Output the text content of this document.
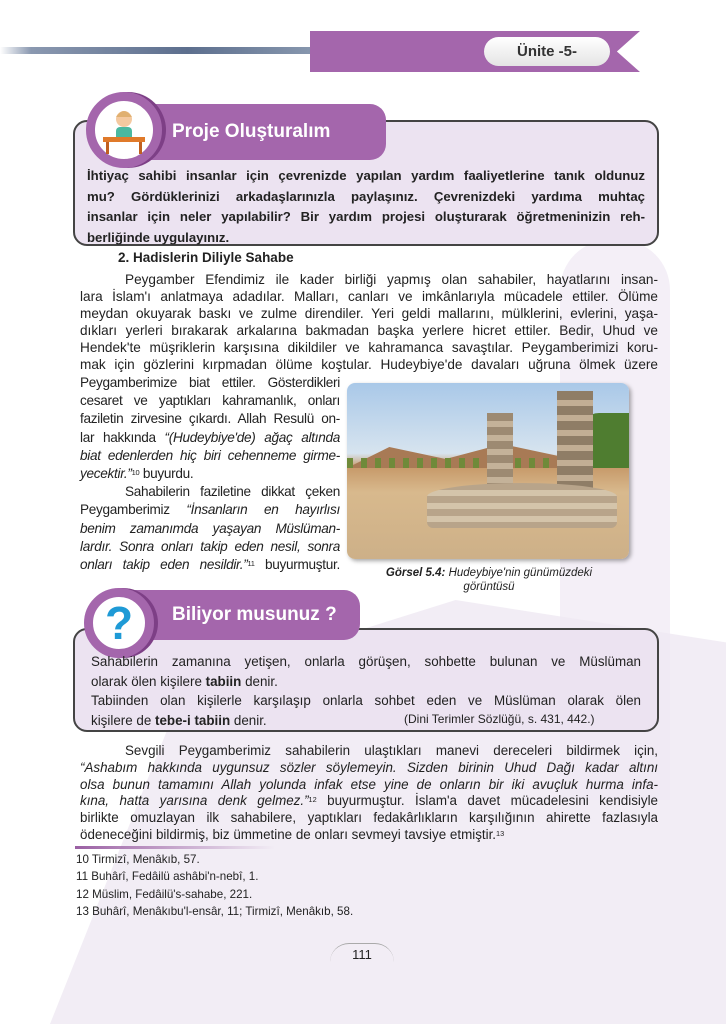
Ünite -5-
Proje Oluşturalım
İhtiyaç sahibi insanlar için çevrenizde yapılan yardım faaliyetlerine tanık oldunuz
mu? Gördüklerinizi arkadaşlarınızla paylaşınız. Çevrenizdeki yardıma muhtaç
insanlar için neler yapılabilir? Bir yardım projesi oluşturarak öğretmeninizin reh-
berliğinde uygulayınız.
2. Hadislerin Diliyle Sahabe
Peygamber Efendimiz ile kader birliği yapmış olan sahabiler, hayatlarını insan-
lara İslam'ı anlatmaya adadılar. Malları, canları ve imkânlarıyla mücadele ettiler. Ölüme
meydan okuyarak baskı ve zulme direndiler. Yeri geldi mallarını, mülklerini, evlerini, yaşa-
dıkları yerleri bırakarak arkalarına bakmadan başka yerlere hicret ettiler. Bedir, Uhud ve
Hendek'te müşriklerin karşısına dikildiler ve kahramanca savaştılar. Peygamberimizi koru-
mak için gözlerini kırpmadan ölüme koştular. Hudeybiye'de davaları uğruna ölmek üzere
Peygamberimize biat ettiler. Gösterdikleri
cesaret ve yaptıkları kahramanlık, onları
faziletin zirvesine çıkardı. Allah Resulü on-
lar hakkında “(Hudeybiye'de) ağaç altında
biat edenlerden hiç biri cehenneme girme-
yecektir.”$^{10}$ buyurdu.
Sahabilerin faziletine dikkat çeken
Peygamberimiz “İnsanların en hayırlısı
benim zamanımda yaşayan Müslüman-
lardır. Sonra onları takip eden nesil, sonra
onları takip eden nesildir.”$^{11}$ buyurmuştur.
Görsel 5.4: Hudeybiye'nin günümüzdeki
görüntüsü
Biliyor musunuz ?
?
Sahabilerin zamanına yetişen, onlarla görüşen, sohbette bulunan ve Müslüman
olarak ölen kişilere tabiin denir.
Tabiinden olan kişilerle karşılaşıp onlarla sohbet eden ve Müslüman olarak ölen
kişilere de tebe-i tabiin denir.	(Dini Terimler Sözlüğü, s. 431, 442.)
Sevgili Peygamberimiz sahabilerin ulaştıkları manevi dereceleri bildirmek için,
“Ashabım hakkında uygunsuz sözler söylemeyin. Sizden birinin Uhud Dağı kadar altını
olsa bunun tamamını Allah yolunda infak etse yine de onların bir iki avuçluk hurma infa-
kına, hatta yarısına denk gelmez.”$^{12}$ buyurmuştur. İslam'a davet mücadelesini kendisiyle
birlikte omuzlayan ilk sahabilere, yaptıkları fedakârlıkların karşılığının ahirette fazlasıyla
ödeneceğini bildirmiş, biz ümmetine de onları sevmeyi tavsiye etmiştir.$^{13}$
10 Tirmizî, Menâkıb, 57.
11 Buhârî, Fedâilü ashâbi'n-nebî, 1.
12 Müslim, Fedâilü's-sahabe, 221.
13 Buhârî, Menâkıbu'l-ensâr, 11; Tirmizî, Menâkıb, 58.
111
